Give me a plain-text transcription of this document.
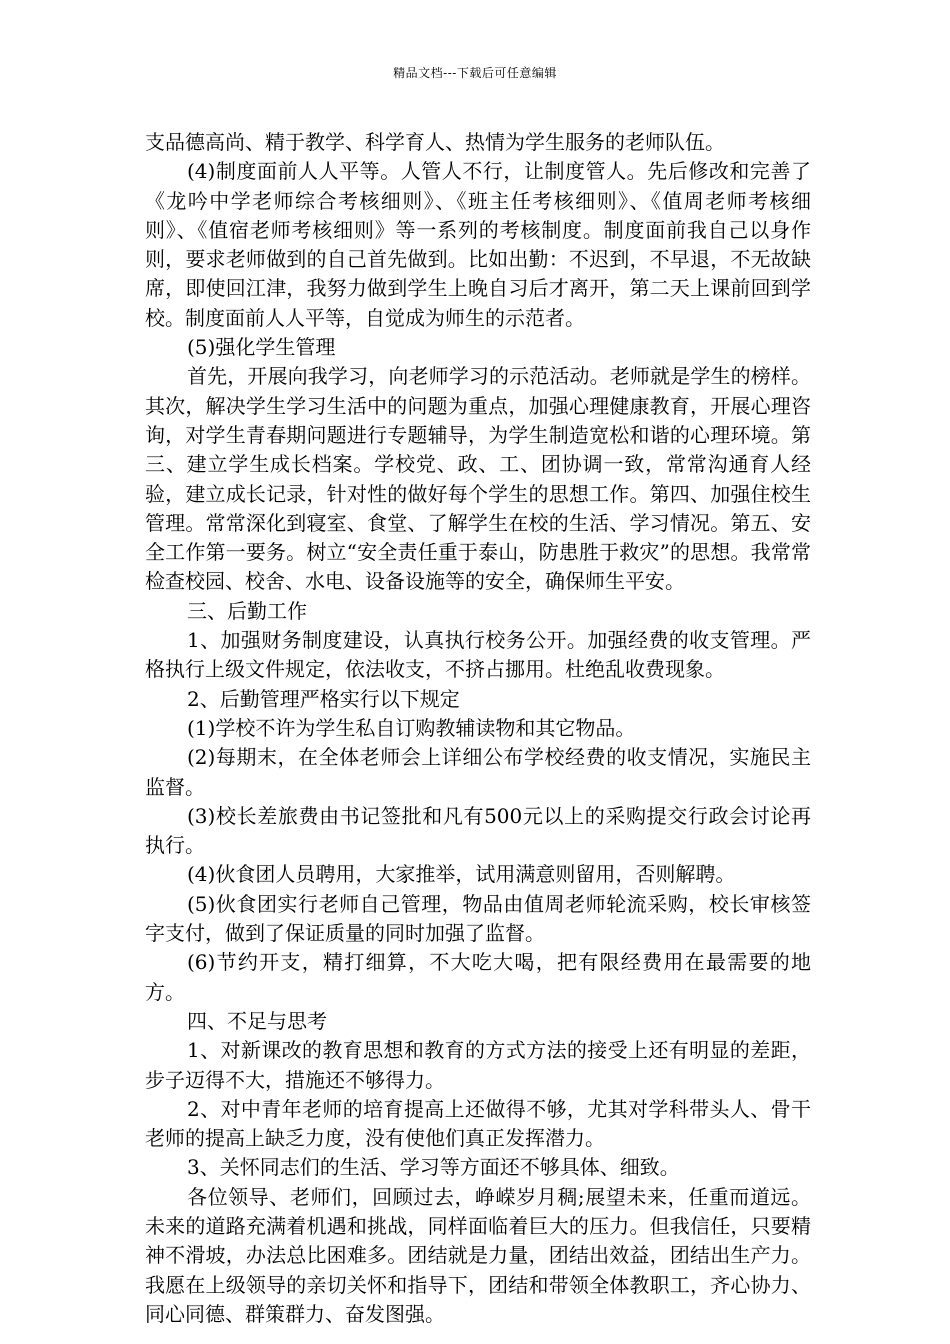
精品文档---下载后可任意编辑

支品德高尚、精于教学、科学育人、热情为学生服务的老师队伍。

(4)制度面前人人平等。人管人不行，让制度管人。先后修改和完善了《龙吟中学老师综合考核细则》、《班主任考核细则》、《值周老师考核细则》、《值宿老师考核细则》等一系列的考核制度。制度面前我自己以身作则，要求老师做到的自己首先做到。比如出勤：不迟到，不早退，不无故缺席，即使回江津，我努力做到学生上晚自习后才离开，第二天上课前回到学校。制度面前人人平等，自觉成为师生的示范者。

(5)强化学生管理

首先，开展向我学习，向老师学习的示范活动。老师就是学生的榜样。其次，解决学生学习生活中的问题为重点，加强心理健康教育，开展心理咨询，对学生青春期问题进行专题辅导，为学生制造宽松和谐的心理环境。第三、建立学生成长档案。学校党、政、工、团协调一致，常常沟通育人经验，建立成长记录，针对性的做好每个学生的思想工作。第四、加强住校生管理。常常深化到寝室、食堂、了解学生在校的生活、学习情况。第五、安全工作第一要务。树立“安全责任重于泰山，防患胜于救灾”的思想。我常常检查校园、校舍、水电、设备设施等的安全，确保师生平安。

三、后勤工作

1、加强财务制度建设，认真执行校务公开。加强经费的收支管理。严格执行上级文件规定，依法收支，不挤占挪用。杜绝乱收费现象。

2、后勤管理严格实行以下规定

(1)学校不许为学生私自订购教辅读物和其它物品。

(2)每期末，在全体老师会上详细公布学校经费的收支情况，实施民主监督。

(3)校长差旅费由书记签批和凡有500元以上的采购提交行政会讨论再执行。

(4)伙食团人员聘用，大家推举，试用满意则留用，否则解聘。

(5)伙食团实行老师自己管理，物品由值周老师轮流采购，校长审核签字支付，做到了保证质量的同时加强了监督。

(6)节约开支，精打细算，不大吃大喝，把有限经费用在最需要的地方。

四、不足与思考

1、对新课改的教育思想和教育的方式方法的接受上还有明显的差距，步子迈得不大，措施还不够得力。

2、对中青年老师的培育提高上还做得不够，尤其对学科带头人、骨干老师的提高上缺乏力度，没有使他们真正发挥潜力。

3、关怀同志们的生活、学习等方面还不够具体、细致。

各位领导、老师们，回顾过去，峥嵘岁月稠;展望未来，任重而道远。未来的道路充满着机遇和挑战，同样面临着巨大的压力。但我信任，只要精神不滑坡，办法总比困难多。团结就是力量，团结出效益，团结出生产力。我愿在上级领导的亲切关怀和指导下，团结和带领全体教职工，齐心协力、同心同德、群策群力、奋发图强。
